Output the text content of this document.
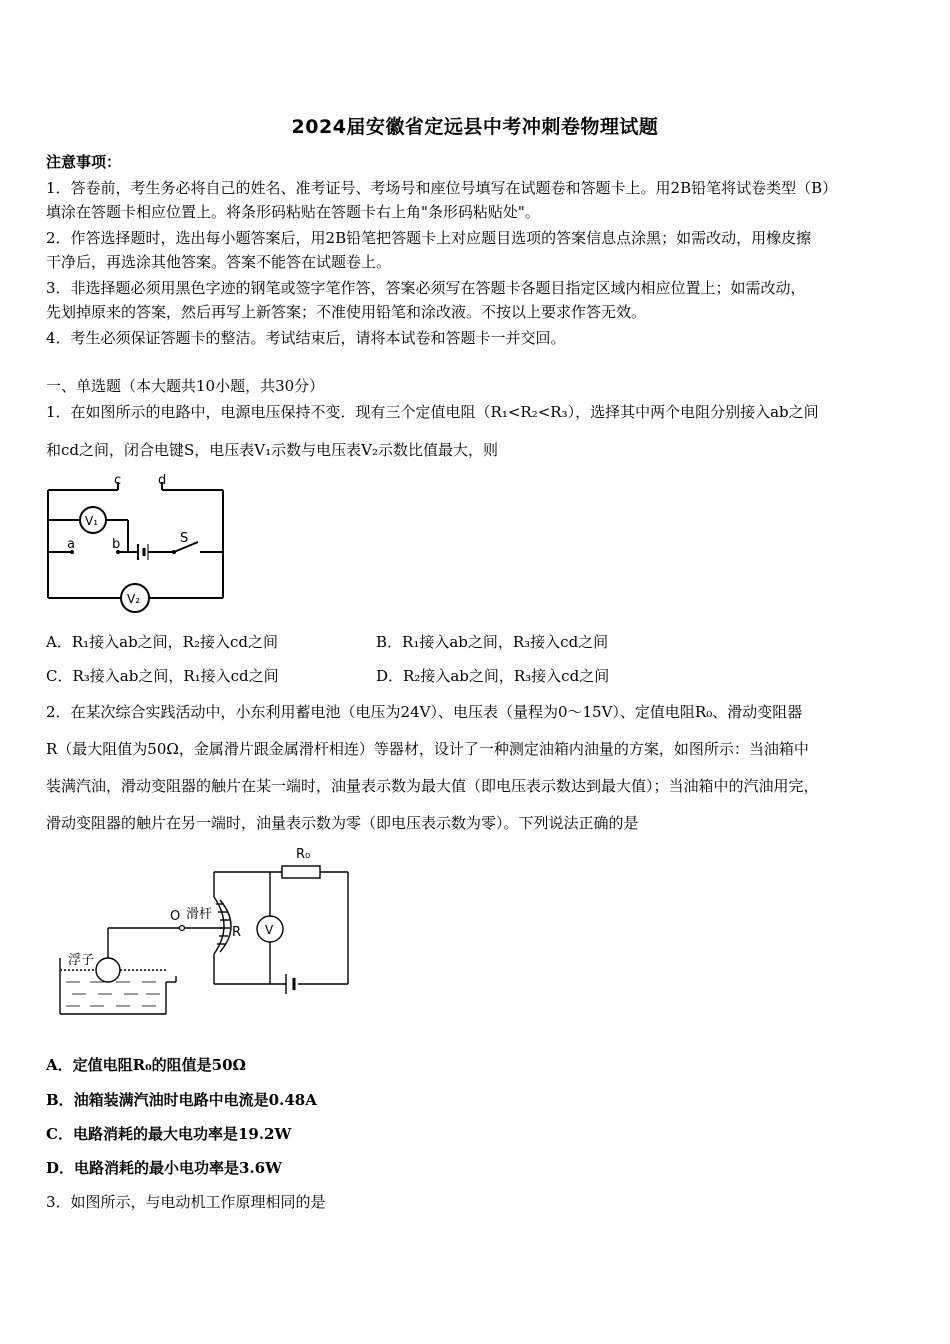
2024届安徽省定远县中考冲刺卷物理试题
注意事项：
1．答卷前，考生务必将自己的姓名、准考证号、考场号和座位号填写在试题卷和答题卡上。用2B铅笔将试卷类型（B）
填涂在答题卡相应位置上。将条形码粘贴在答题卡右上角"条形码粘贴处"。
2．作答选择题时，选出每小题答案后，用2B铅笔把答题卡上对应题目选项的答案信息点涂黑；如需改动，用橡皮擦
干净后，再选涂其他答案。答案不能答在试题卷上。
3．非选择题必须用黑色字迹的钢笔或签字笔作答，答案必须写在答题卡各题目指定区域内相应位置上；如需改动，
先划掉原来的答案，然后再写上新答案；不准使用铅笔和涂改液。不按以上要求作答无效。
4．考生必须保证答题卡的整洁。考试结束后，请将本试卷和答题卡一并交回。
一、单选题（本大题共10小题，共30分）
1．在如图所示的电路中，电源电压保持不变．现有三个定值电阻（R₁<R₂<R₃），选择其中两个电阻分别接入ab之间
和cd之间，闭合电键S，电压表V₁示数与电压表V₂示数比值最大，则
c	d
a	b	S
V₁
V₂
A．R₁接入ab之间，R₂接入cd之间	B．R₁接入ab之间，R₃接入cd之间
C．R₃接入ab之间，R₁接入cd之间	D．R₂接入ab之间，R₃接入cd之间
2．在某次综合实践活动中，小东利用蓄电池（电压为24V）、电压表（量程为0～15V）、定值电阻R₀、滑动变阻器
R（最大阻值为50Ω，金属滑片跟金属滑杆相连）等器材，设计了一种测定油箱内油量的方案，如图所示：当油箱中
装满汽油，滑动变阻器的触片在某一端时，油量表示数为最大值（即电压表示数达到最大值）；当油箱中的汽油用完，
滑动变阻器的触片在另一端时，油量表示数为零（即电压表示数为零）。下列说法正确的是
R₀
O 滑杆
R V
浮子
A．定值电阻R₀的阻值是50Ω
B．油箱装满汽油时电路中电流是0.48A
C．电路消耗的最大电功率是19.2W
D．电路消耗的最小电功率是3.6W
3．如图所示，与电动机工作原理相同的是
